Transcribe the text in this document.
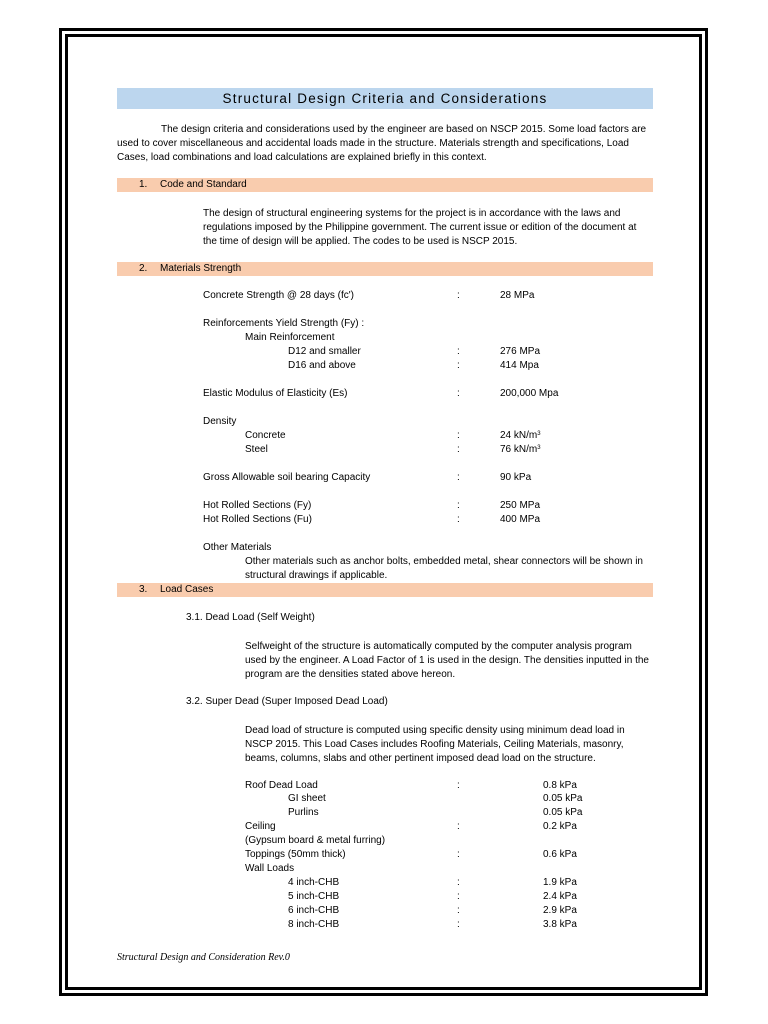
Structural Design Criteria and Considerations
The design criteria and considerations used by the engineer are based on NSCP 2015. Some load factors are used to cover miscellaneous and accidental loads made in the structure. Materials strength and specifications, Load Cases, load combinations and load calculations are explained briefly in this context.
1. Code and Standard
The design of structural engineering systems for the project is in accordance with the laws and regulations imposed by the Philippine government. The current issue or edition of the document at the time of design will be applied. The codes to be used is NSCP 2015.
2. Materials Strength
Concrete Strength @ 28 days (fc')	:	28 MPa
Reinforcements Yield Strength (Fy) :
Main Reinforcement
D12 and smaller	:	276 MPa
D16 and above	:	414 Mpa
Elastic Modulus of Elasticity (Es)	:	200,000 Mpa
Density
Concrete	:	24 $kN/m^3$
Steel	:	76 $kN/m^3$
Gross Allowable soil bearing Capacity	:	90 kPa
Hot Rolled Sections (Fy)	:	250 MPa
Hot Rolled Sections (Fu)	:	400 MPa
Other Materials
Other materials such as anchor bolts, embedded metal, shear connectors will be shown in
structural drawings if applicable.
3. Load Cases
3.1. Dead Load (Self Weight)
Selfweight of the structure is automatically computed by the computer analysis program used by the engineer. A Load Factor of 1 is used in the design. The densities inputted in the program are the densities stated above hereon.
3.2. Super Dead (Super Imposed Dead Load)
Dead load of structure is computed using specific density using minimum dead load in NSCP 2015. This Load Cases includes Roofing Materials, Ceiling Materials, masonry, beams, columns, slabs and other pertinent imposed dead load on the structure.
Roof Dead Load	:	0.8 kPa
GI sheet	0.05 kPa
Purlins	0.05 kPa
Ceiling	:	0.2 kPa
(Gypsum board & metal furring)
Toppings (50mm thick)	:	0.6 kPa
Wall Loads
4 inch-CHB	:	1.9 kPa
5 inch-CHB	:	2.4 kPa
6 inch-CHB	:	2.9 kPa
8 inch-CHB	:	3.8 kPa
Structural Design and Consideration Rev.0
